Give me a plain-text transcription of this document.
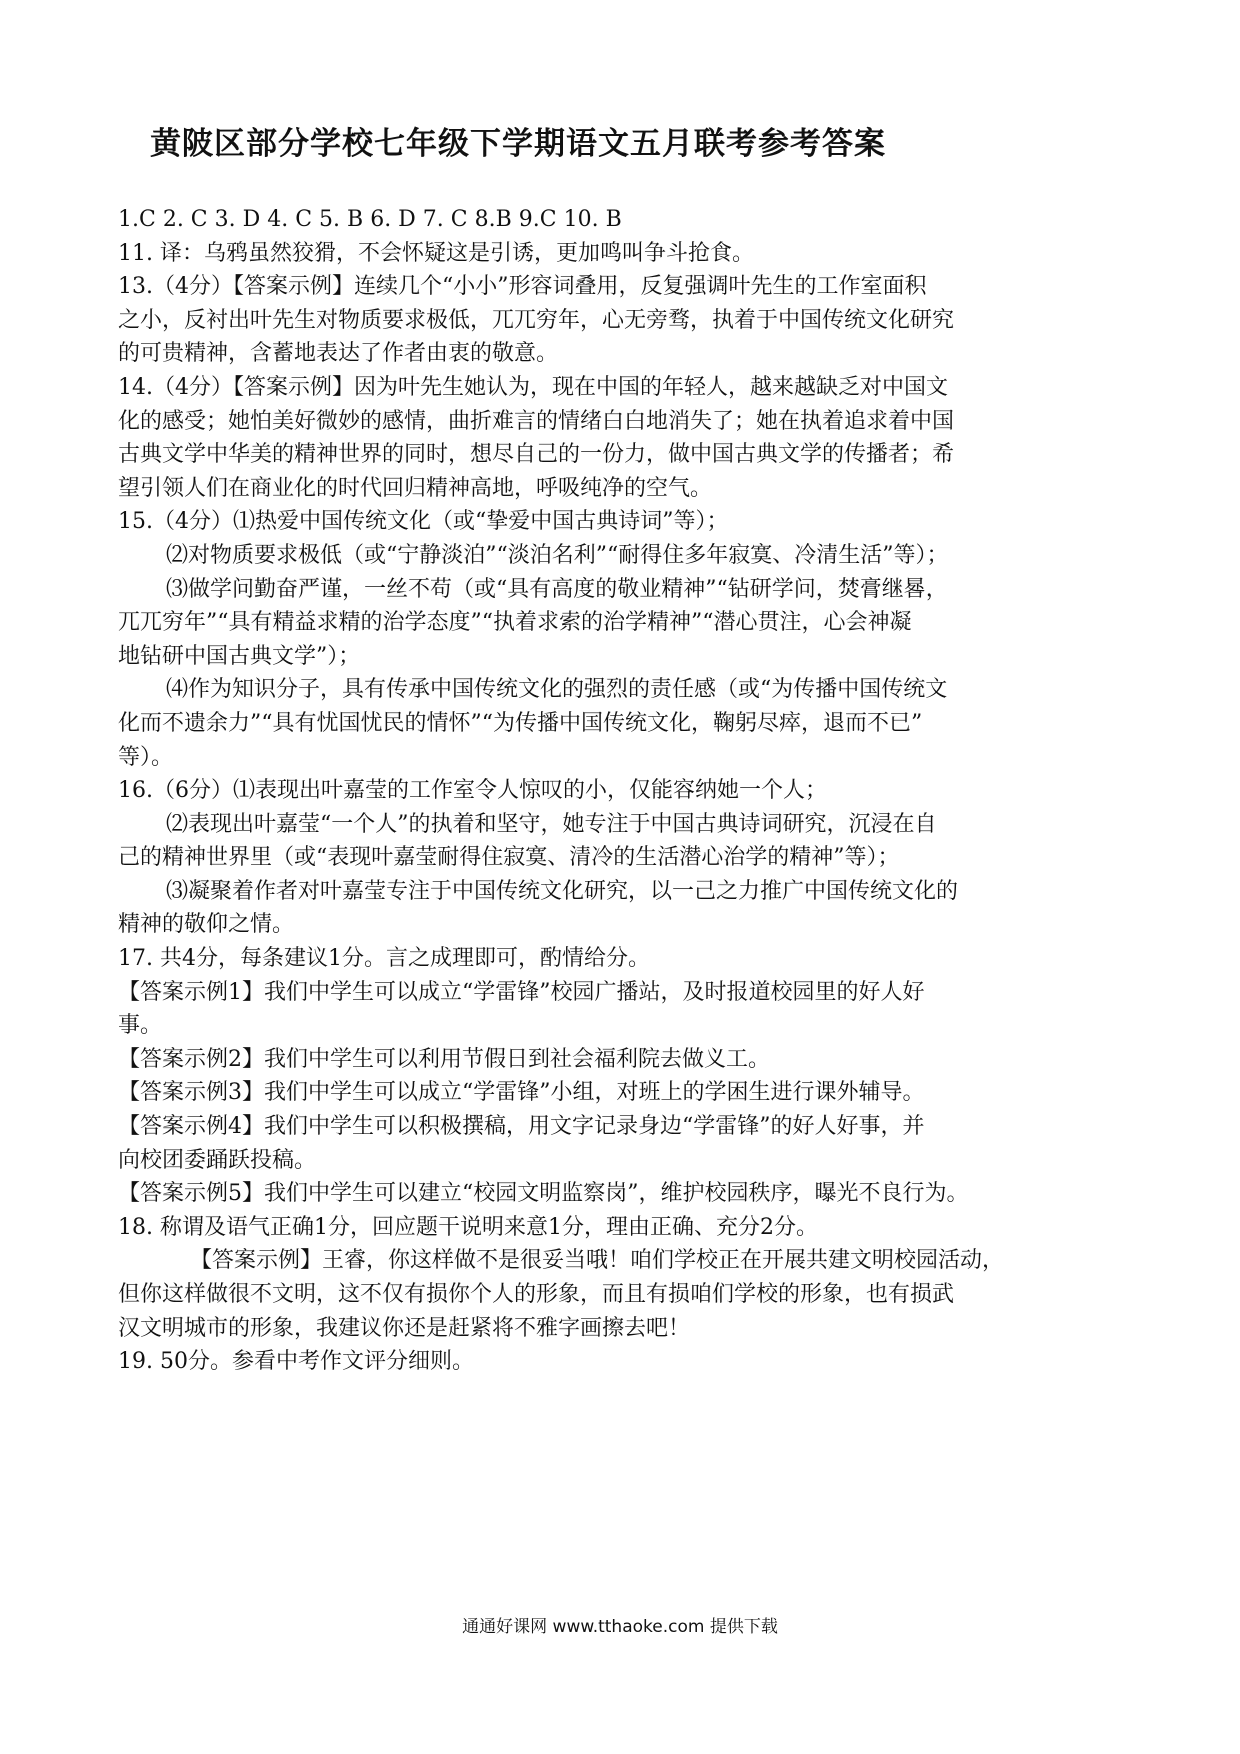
黄陂区部分学校七年级下学期语文五月联考参考答案
1.C 2. C 3. D 4. C 5. B 6. D 7. C 8.B 9.C 10. B
11. 译：乌鸦虽然狡猾，不会怀疑这是引诱，更加鸣叫争斗抢食。
13.（4分）【答案示例】连续几个“小小”形容词叠用，反复强调叶先生的工作室面积
之小，反衬出叶先生对物质要求极低，兀兀穷年，心无旁骛，执着于中国传统文化研究
的可贵精神，含蓄地表达了作者由衷的敬意。
14.（4分）【答案示例】因为叶先生她认为，现在中国的年轻人，越来越缺乏对中国文
化的感受；她怕美好微妙的感情，曲折难言的情绪白白地消失了；她在执着追求着中国
古典文学中华美的精神世界的同时，想尽自己的一份力，做中国古典文学的传播者；希
望引领人们在商业化的时代回归精神高地，呼吸纯净的空气。
15.（4分）⑴热爱中国传统文化（或“挚爱中国古典诗词”等）；
⑵对物质要求极低（或“宁静淡泊”“淡泊名利”“耐得住多年寂寞、冷清生活”等）；
⑶做学问勤奋严谨，一丝不苟（或“具有高度的敬业精神”“钻研学问，焚膏继晷，
兀兀穷年”“具有精益求精的治学态度”“执着求索的治学精神”“潜心贯注，心会神凝
地钻研中国古典文学”）；
⑷作为知识分子，具有传承中国传统文化的强烈的责任感（或“为传播中国传统文
化而不遗余力”“具有忧国忧民的情怀”“为传播中国传统文化，鞠躬尽瘁，退而不已”
等）。
16.（6分）⑴表现出叶嘉莹的工作室令人惊叹的小，仅能容纳她一个人；
⑵表现出叶嘉莹“一个人”的执着和坚守，她专注于中国古典诗词研究，沉浸在自
己的精神世界里（或“表现叶嘉莹耐得住寂寞、清冷的生活潜心治学的精神”等）；
⑶凝聚着作者对叶嘉莹专注于中国传统文化研究，以一己之力推广中国传统文化的
精神的敬仰之情。
17. 共4分，每条建议1分。言之成理即可，酌情给分。
【答案示例1】我们中学生可以成立“学雷锋”校园广播站，及时报道校园里的好人好
事。
【答案示例2】我们中学生可以利用节假日到社会福利院去做义工。
【答案示例3】我们中学生可以成立“学雷锋”小组，对班上的学困生进行课外辅导。
【答案示例4】我们中学生可以积极撰稿，用文字记录身边“学雷锋”的好人好事，并
向校团委踊跃投稿。
【答案示例5】我们中学生可以建立“校园文明监察岗”，维护校园秩序，曝光不良行为。
18. 称谓及语气正确1分，回应题干说明来意1分，理由正确、充分2分。
【答案示例】王睿，你这样做不是很妥当哦！咱们学校正在开展共建文明校园活动，
但你这样做很不文明，这不仅有损你个人的形象，而且有损咱们学校的形象，也有损武
汉文明城市的形象，我建议你还是赶紧将不雅字画擦去吧！
19. 50分。参看中考作文评分细则。
通通好课网 www.tthaoke.com 提供下载
